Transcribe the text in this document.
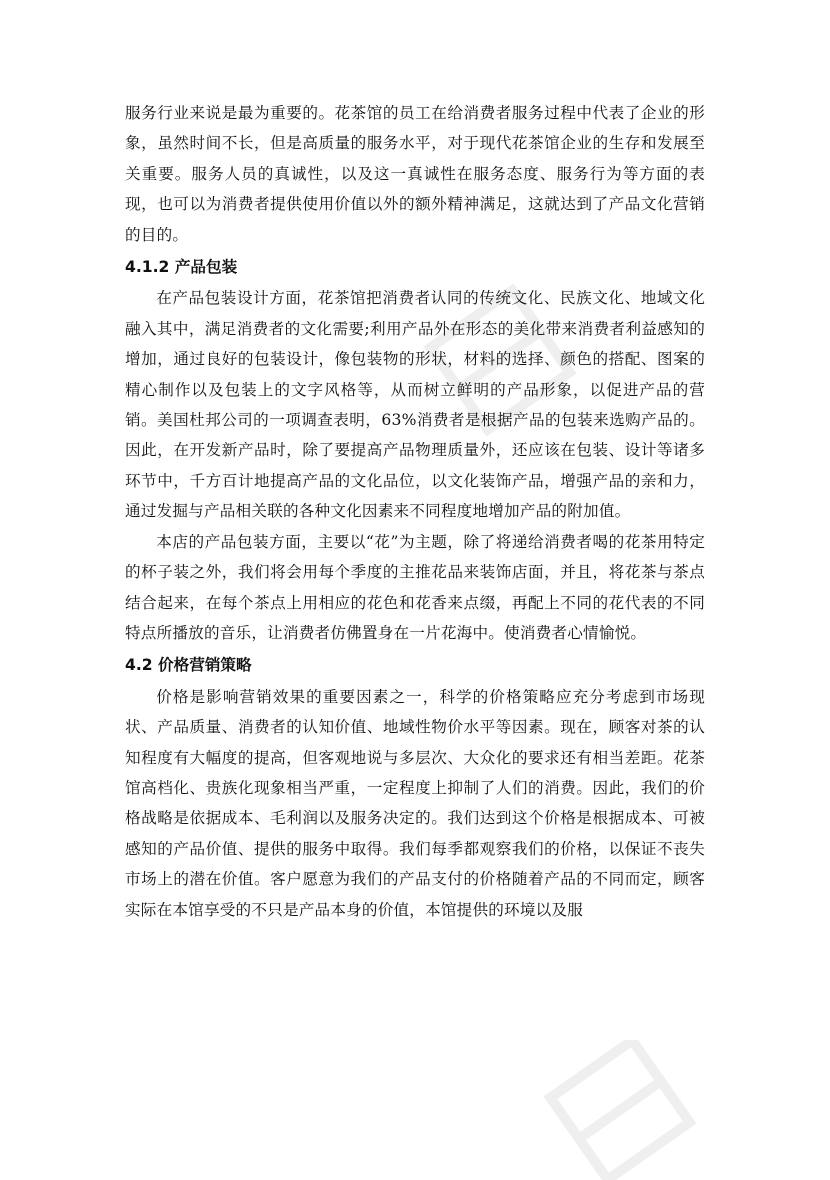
服务行业来说是最为重要的。花茶馆的员工在给消费者服务过程中代表了企业的形象，虽然时间不长，但是高质量的服务水平，对于现代花茶馆企业的生存和发展至关重要。服务人员的真诚性，以及这一真诚性在服务态度、服务行为等方面的表现，也可以为消费者提供使用价值以外的额外精神满足，这就达到了产品文化营销的目的。

4.1.2 产品包装

在产品包装设计方面，花茶馆把消费者认同的传统文化、民族文化、地域文化融入其中，满足消费者的文化需要;利用产品外在形态的美化带来消费者利益感知的增加，通过良好的包装设计，像包装物的形状，材料的选择、颜色的搭配、图案的精心制作以及包装上的文字风格等，从而树立鲜明的产品形象，以促进产品的营销。美国杜邦公司的一项调查表明，63%消费者是根据产品的包装来选购产品的。因此，在开发新产品时，除了要提高产品物理质量外，还应该在包装、设计等诸多环节中，千方百计地提高产品的文化品位，以文化装饰产品，增强产品的亲和力，通过发掘与产品相关联的各种文化因素来不同程度地增加产品的附加值。

本店的产品包装方面，主要以“花”为主题，除了将递给消费者喝的花茶用特定的杯子装之外，我们将会用每个季度的主推花品来装饰店面，并且，将花茶与茶点结合起来，在每个茶点上用相应的花色和花香来点缀，再配上不同的花代表的不同特点所播放的音乐，让消费者仿佛置身在一片花海中。使消费者心情愉悦。

4.2 价格营销策略

价格是影响营销效果的重要因素之一，科学的价格策略应充分考虑到市场现状、产品质量、消费者的认知价值、地域性物价水平等因素。现在，顾客对茶的认知程度有大幅度的提高，但客观地说与多层次、大众化的要求还有相当差距。花茶馆高档化、贵族化现象相当严重，一定程度上抑制了人们的消费。因此，我们的价格战略是依据成本、毛利润以及服务决定的。我们达到这个价格是根据成本、可被感知的产品价值、提供的服务中取得。我们每季都观察我们的价格，以保证不丧失市场上的潜在价值。客户愿意为我们的产品支付的价格随着产品的不同而定，顾客实际在本馆享受的不只是产品本身的价值，本馆提供的环境以及服
